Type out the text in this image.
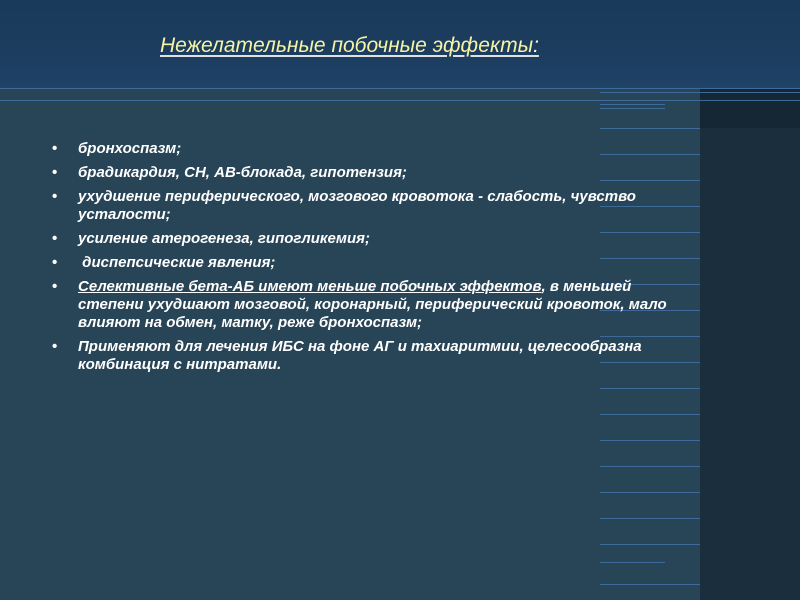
Нежелательные побочные эффекты:
• бронхоспазм;
• брадикардия, СН, АВ-блокада, гипотензия;
• ухудшение периферического, мозгового кровотока - слабость, чувство усталости;
• усиление атерогенеза, гипогликемия;
• диспепсические явления;
• Селективные бета-АБ имеют меньше побочных эффектов, в меньшей степени ухудшают мозговой, коронарный, периферический кровоток, мало влияют на обмен, матку, реже бронхоспазм;
• Применяют для лечения ИБС на фоне АГ и тахиаритмии, целесообразна комбинация с нитратами.
